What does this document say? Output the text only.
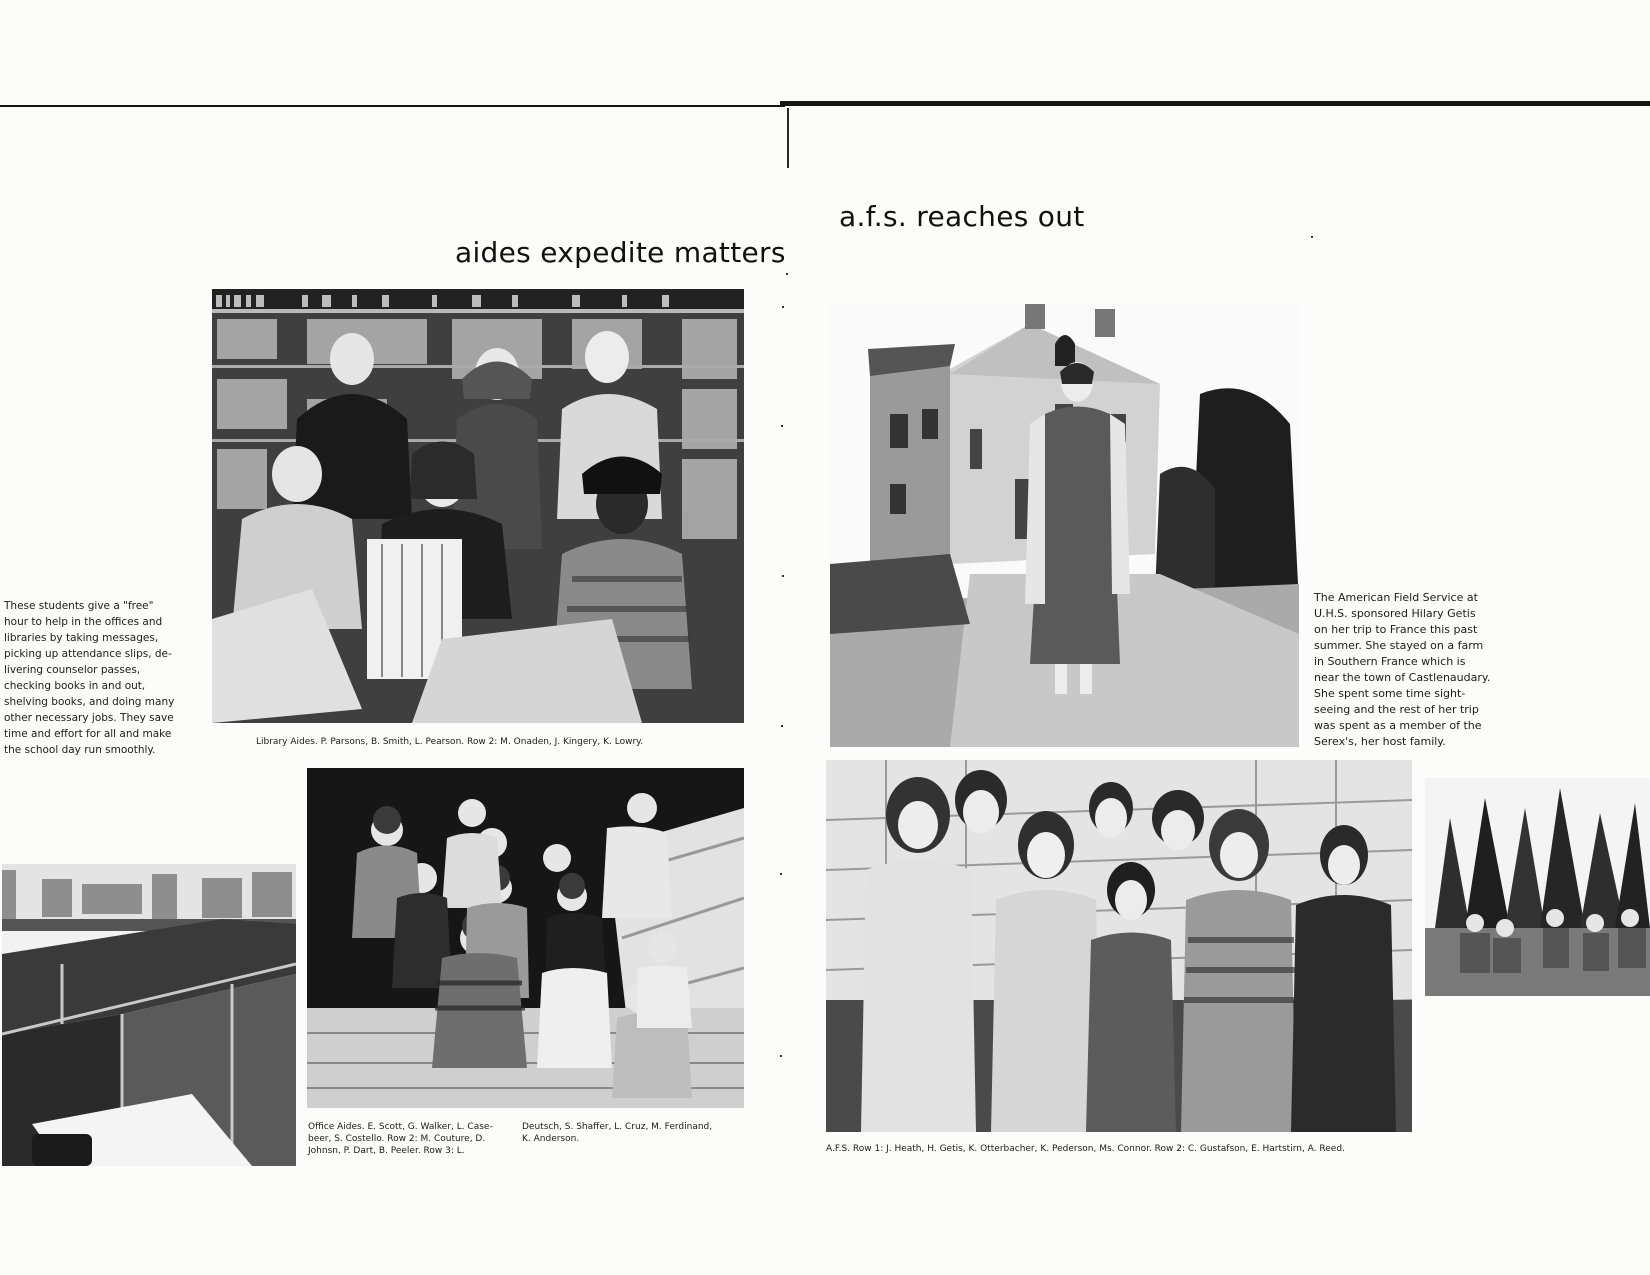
aides expedite matters
Library Aides. P. Parsons, B. Smith, L. Pearson. Row 2: M. Onaden, J. Kingery, K. Lowry.
These students give a "free"
hour to help in the offices and
libraries by taking messages,
picking up attendance slips, de-
livering counselor passes,
checking books in and out,
shelving books, and doing many
other necessary jobs. They save
time and effort for all and make
the school day run smoothly.
Office Aides. E. Scott, G. Walker, L. Case-
beer, S. Costello. Row 2: M. Couture, D.
Johnsn, P. Dart, B. Peeler. Row 3: L.
Deutsch, S. Shaffer, L. Cruz, M. Ferdinand,
K. Anderson.
a.f.s. reaches out
The American Field Service at
U.H.S. sponsored Hilary Getis
on her trip to France this past
summer. She stayed on a farm
in Southern France which is
near the town of Castlenaudary.
She spent some time sight-
seeing and the rest of her trip
was spent as a member of the
Serex's, her host family.
A.F.S. Row 1: J. Heath, H. Getis, K. Otterbacher, K. Pederson, Ms. Connor. Row 2: C. Gustafson, E. Hartstirn, A. Reed.
